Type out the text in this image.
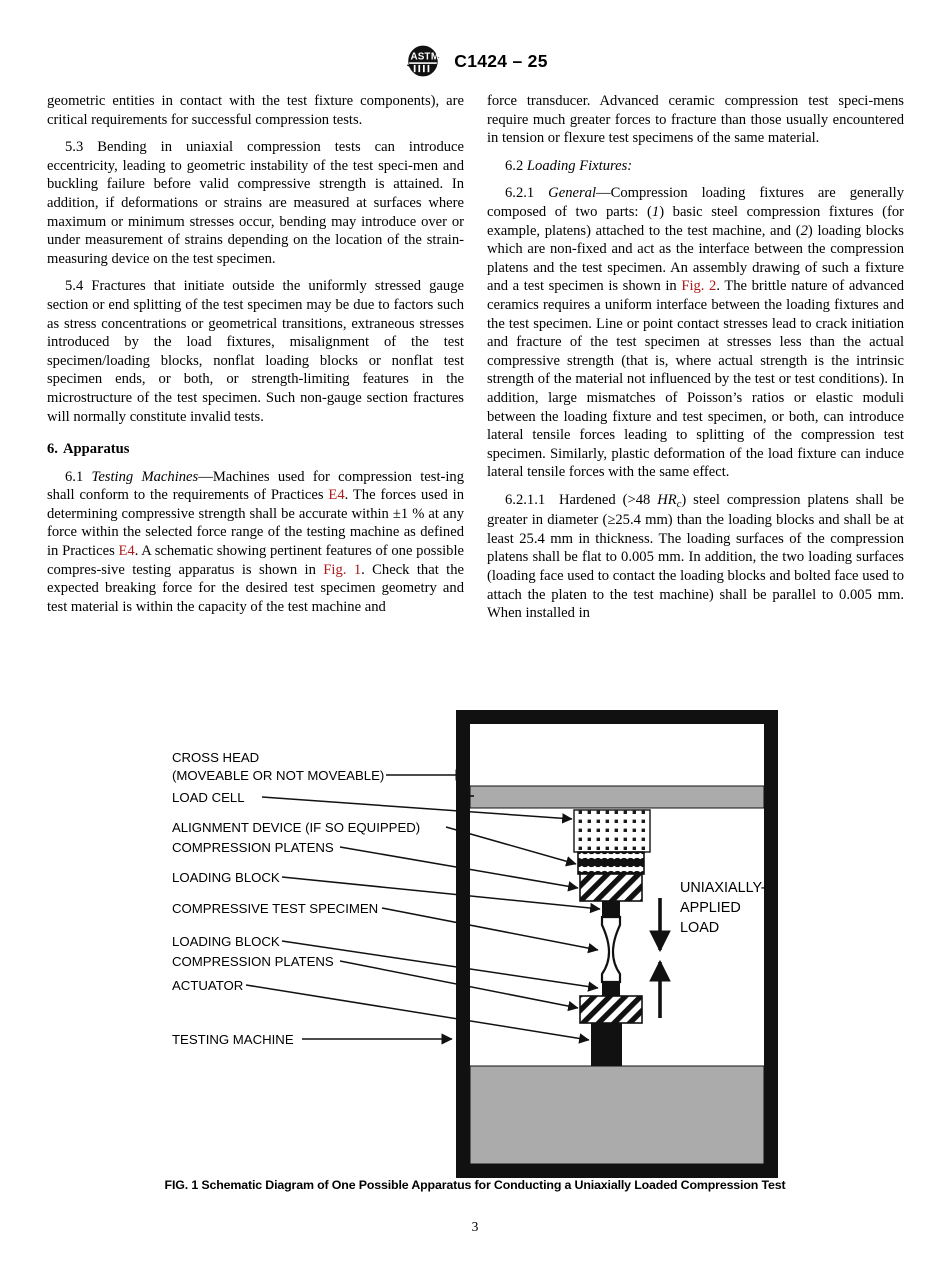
A S T M C1424 – 25

geometric entities in contact with the test fixture components), are critical requirements for successful compression tests.

5.3 Bending in uniaxial compression tests can introduce eccentricity, leading to geometric instability of the test speci-men and buckling failure before valid compressive strength is attained. In addition, if deformations or strains are measured at surfaces where maximum or minimum stresses occur, bending may introduce over or under measurement of strains depending on the location of the strain-measuring device on the test specimen.

5.4 Fractures that initiate outside the uniformly stressed gauge section or end splitting of the test specimen may be due to factors such as stress concentrations or geometrical transitions, extraneous stresses introduced by the load fixtures, misalignment of the test specimen/loading blocks, nonflat loading blocks or nonflat test specimen ends, or both, or strength-limiting features in the microstructure of the test specimen. Such non-gauge section fractures will normally constitute invalid tests.

6. Apparatus

6.1 Testing Machines—Machines used for compression test-ing shall conform to the requirements of Practices E4. The forces used in determining compressive strength shall be accurate within ±1 % at any force within the selected force range of the testing machine as defined in Practices E4. A schematic showing pertinent features of one possible compres-sive testing apparatus is shown in Fig. 1. Check that the expected breaking force for the desired test specimen geometry and test material is within the capacity of the test machine and

force transducer. Advanced ceramic compression test speci-mens require much greater forces to fracture than those usually encountered in tension or flexure test specimens of the same material.

6.2 Loading Fixtures:

6.2.1 General—Compression loading fixtures are generally composed of two parts: (1) basic steel compression fixtures (for example, platens) attached to the test machine, and (2) loading blocks which are non-fixed and act as the interface between the compression platens and the test specimen. An assembly drawing of such a fixture and a test specimen is shown in Fig. 2. The brittle nature of advanced ceramics requires a uniform interface between the loading fixtures and the test specimen. Line or point contact stresses lead to crack initiation and fracture of the test specimen at stresses less than the actual compressive strength (that is, where actual strength is the intrinsic strength of the material not influenced by the test or test conditions). In addition, large mismatches of Poisson’s ratios or elastic moduli between the loading fixture and test specimen, or both, can introduce lateral tensile forces leading to splitting of the compression test specimen. Similarly, plastic deformation of the load fixture can induce lateral tensile forces with the same effect.

6.2.1.1 Hardened (>48 $HR_c$) steel compression platens shall be greater in diameter (≥25.4 mm) than the loading blocks and shall be at least 25.4 mm in thickness. The loading surfaces of the compression platens shall be flat to 0.005 mm. In addition, the two loading surfaces (loading face used to contact the loading blocks and bolted face used to attach the platen to the test machine) shall be parallel to 0.005 mm. When installed in

UNIAXIALLY- APPLIED LOAD
CROSS HEAD (MOVEABLE OR NOT MOVEABLE)
LOAD CELL
ALIGNMENT DEVICE (IF SO EQUIPPED)
COMPRESSION PLATENS
LOADING BLOCK
COMPRESSIVE TEST SPECIMEN
LOADING BLOCK
COMPRESSION PLATENS
ACTUATOR
TESTING MACHINE
FIG. 1 Schematic Diagram of One Possible Apparatus for Conducting a Uniaxially Loaded Compression Test
3
